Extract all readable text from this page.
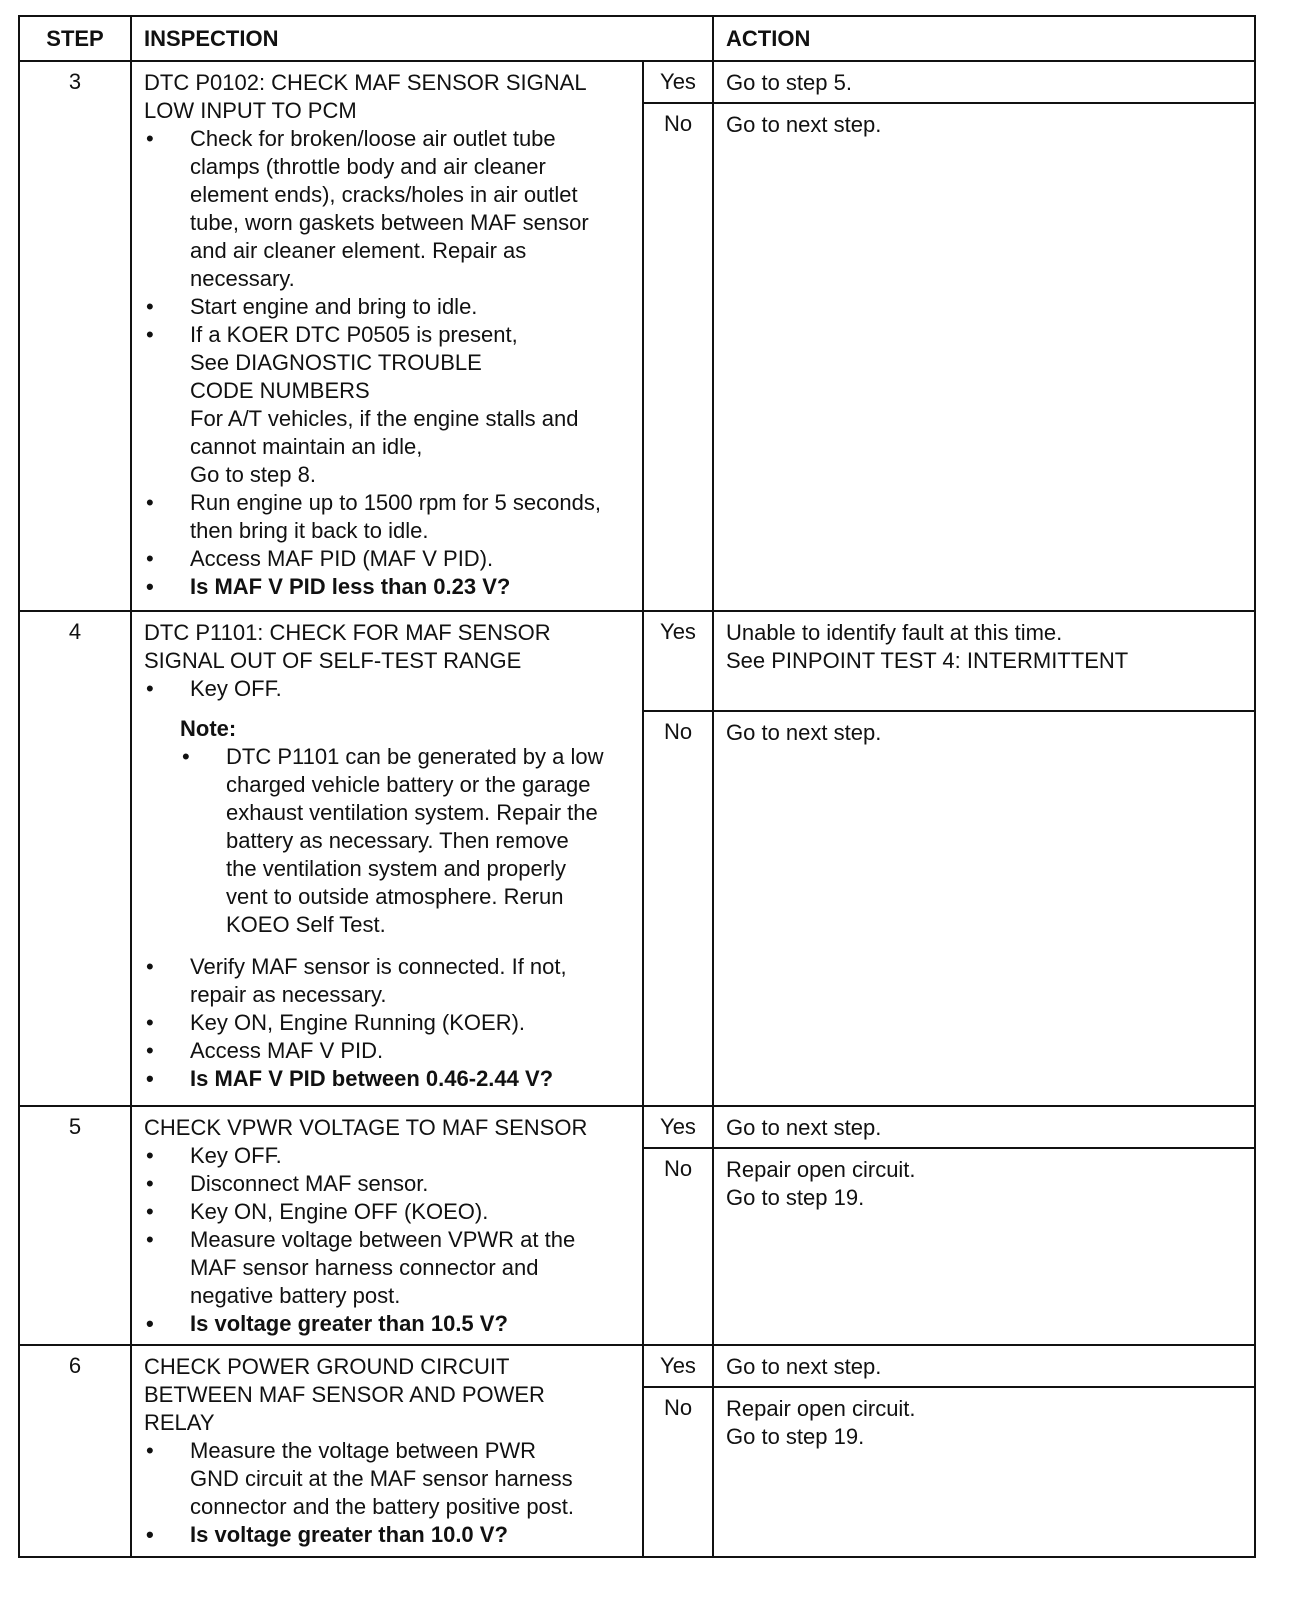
STEP	INSPECTION	ACTION
3	DTC P0102: CHECK MAF SENSOR SIGNAL
LOW INPUT TO PCM
•	Check for broken/loose air outlet tube
clamps (throttle body and air cleaner
element ends), cracks/holes in air outlet
tube, worn gaskets between MAF sensor
and air cleaner element. Repair as
necessary.
•	Start engine and bring to idle.
•	If a KOER DTC P0505 is present,
See DIAGNOSTIC TROUBLE
CODE NUMBERS
For A/T vehicles, if the engine stalls and
cannot maintain an idle,
Go to step 8.
•	Run engine up to 1500 rpm for 5 seconds,
then bring it back to idle.
•	Access MAF PID (MAF V PID).
•	Is MAF V PID less than 0.23 V?
Yes	Go to step 5.
No	Go to next step.
4	DTC P1101: CHECK FOR MAF SENSOR
SIGNAL OUT OF SELF-TEST RANGE
•	Key OFF.
Note:
•	DTC P1101 can be generated by a low
charged vehicle battery or the garage
exhaust ventilation system. Repair the
battery as necessary. Then remove
the ventilation system and properly
vent to outside atmosphere. Rerun
KOEO Self Test.
•	Verify MAF sensor is connected. If not,
repair as necessary.
•	Key ON, Engine Running (KOER).
•	Access MAF V PID.
•	Is MAF V PID between 0.46-2.44 V?
Yes	Unable to identify fault at this time.
See PINPOINT TEST 4: INTERMITTENT
No	Go to next step.
5	CHECK VPWR VOLTAGE TO MAF SENSOR
•	Key OFF.
•	Disconnect MAF sensor.
•	Key ON, Engine OFF (KOEO).
•	Measure voltage between VPWR at the
MAF sensor harness connector and
negative battery post.
•	Is voltage greater than 10.5 V?
Yes	Go to next step.
No	Repair open circuit.
Go to step 19.
6	CHECK POWER GROUND CIRCUIT
BETWEEN MAF SENSOR AND POWER
RELAY
•	Measure the voltage between PWR
GND circuit at the MAF sensor harness
connector and the battery positive post.
•	Is voltage greater than 10.0 V?
Yes	Go to next step.
No	Repair open circuit.
Go to step 19.
